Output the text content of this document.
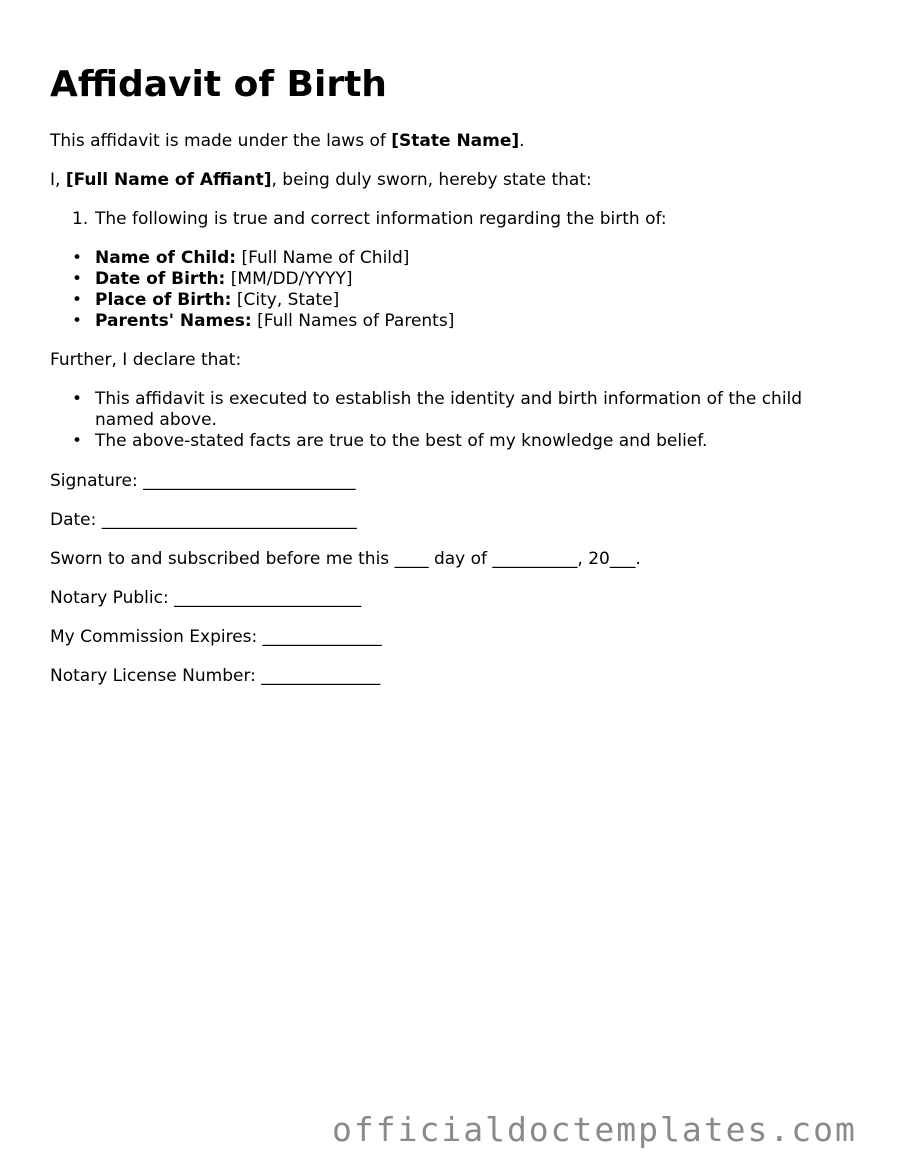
Affidavit of Birth

This affidavit is made under the laws of [State Name].

I, [Full Name of Affiant], being duly sworn, hereby state that:

1. The following is true and correct information regarding the birth of:
• Name of Child: [Full Name of Child]
• Date of Birth: [MM/DD/YYYY]
• Place of Birth: [City, State]
• Parents' Names: [Full Names of Parents]

Further, I declare that:

• This affidavit is executed to establish the identity and birth information of the child named above.
• The above-stated facts are true to the best of my knowledge and belief.

Signature: _________________________

Date: ______________________________

Sworn to and subscribed before me this ____ day of __________, 20___.

Notary Public: ______________________

My Commission Expires: ______________

Notary License Number: ______________

officialdoctemplates.com
